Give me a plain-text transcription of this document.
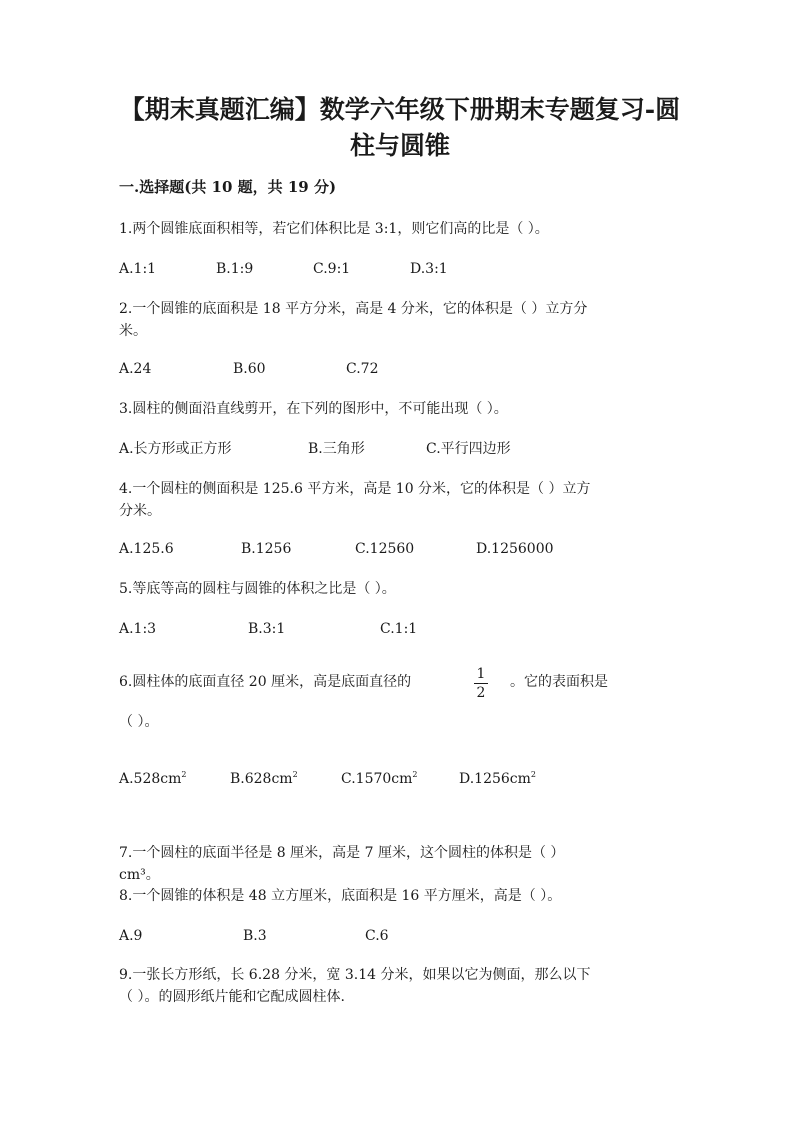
【期末真题汇编】数学六年级下册期末专题复习-圆
柱与圆锥
一.选择题(共 10 题，共 19 分)
1.两个圆锥底面积相等，若它们体积比是 3:1，则它们高的比是（ ）。
A.1:1	B.1:9	C.9:1	D.3:1
2.一个圆锥的底面积是 18 平方分米，高是 4 分米，它的体积是（ ）立方分
米。
A.24	B.60	C.72
3.圆柱的侧面沿直线剪开，在下列的图形中，不可能出现（ ）。
A.长方形或正方形	B.三角形	C.平行四边形
4.一个圆柱的侧面积是 125.6 平方米，高是 10 分米，它的体积是（ ）立方
分米。
A.125.6	B.1256	C.12560	D.1256000
5.等底等高的圆柱与圆锥的体积之比是（ ）。
A.1:3	B.3:1	C.1:1
6.圆柱体的底面直径 20 厘米，高是底面直径的	$\frac{1}{2}$ 。它的表面积是
（ ）。
$A.528cm^2$	$B.628cm^2$	$C.1570cm^2$	$D.1256cm^2$
7.一个圆柱的底面半径是 8 厘米，高是 7 厘米，这个圆柱的体积是（ ）
cm³。
8.一个圆锥的体积是 48 立方厘米，底面积是 16 平方厘米，高是（ ）。
A.9	B.3	C.6
9.一张长方形纸，长 6.28 分米，宽 3.14 分米，如果以它为侧面，那么以下
（ ）。的圆形纸片能和它配成圆柱体.
